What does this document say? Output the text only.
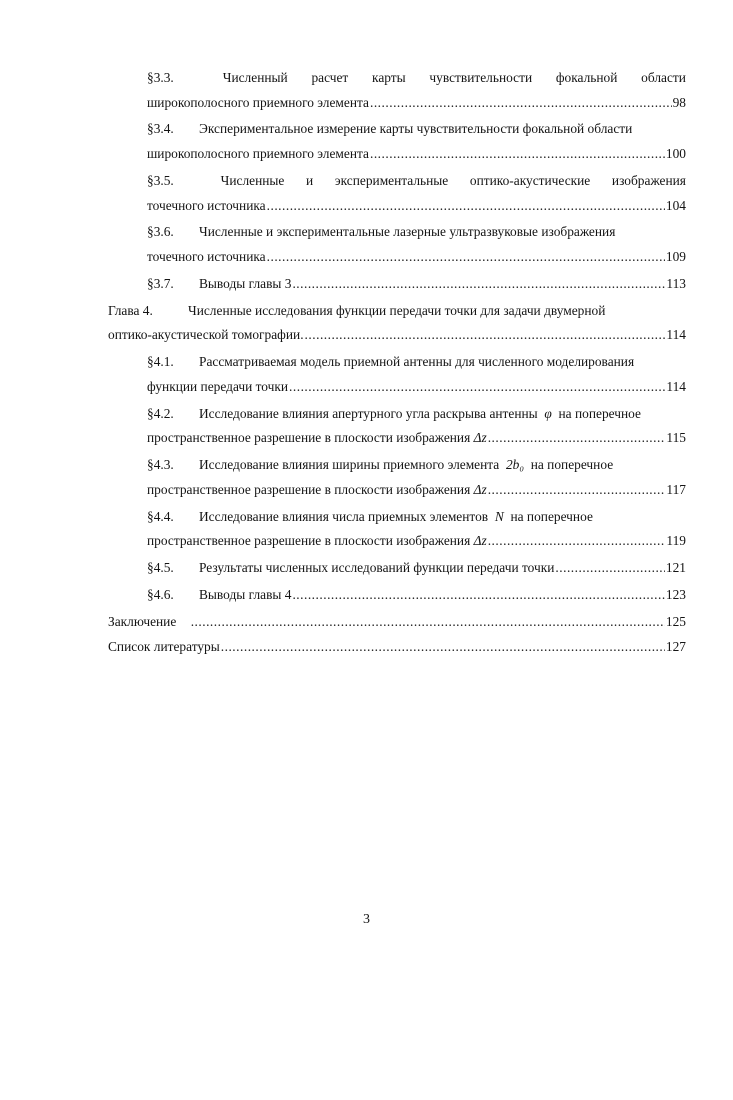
§3.3.	Численный расчет карты чувствительности фокальной области
широкополосного приемного элемента .....	98
§3.4.	Экспериментальное измерение карты чувствительности фокальной области
широкополосного приемного элемента .....	100
§3.5.	Численные и экспериментальные оптико-акустические изображения
точечного источника .....	104
§3.6.	Численные и экспериментальные лазерные ультразвуковые изображения
точечного источника .....	109
§3.7.	Выводы главы 3 .....	113
Глава 4.	Численные исследования функции передачи точки для задачи двумерной
оптико-акустической томографии. .....	114
§4.1.	Рассматриваемая модель приемной антенны для численного моделирования
функции передачи точки .....	114
§4.2.	Исследование влияния апертурного угла раскрыва антенны
φ
на поперечное
пространственное разрешение в плоскости изображения
Δz .....	115
§4.3.	Исследование влияния ширины приемного элемента
2b₀
на поперечное
пространственное разрешение в плоскости изображения
Δz .....	117
§4.4.	Исследование влияния числа приемных элементов
N
на поперечное
пространственное разрешение в плоскости изображения
Δz .....	119
§4.5.	Результаты численных исследований функции передачи точки .....	121
§4.6.	Выводы главы 4 .....	123
Заключение
.....	125
Список литературы .....	127
3
